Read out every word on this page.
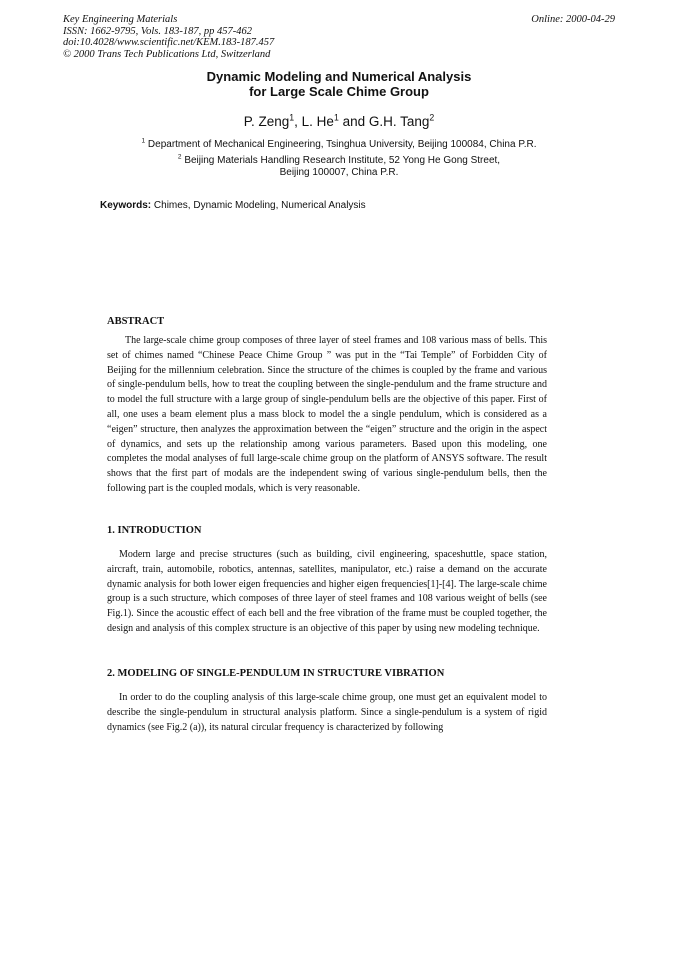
Key Engineering Materials
ISSN: 1662-9795, Vols. 183-187, pp 457-462
doi:10.4028/www.scientific.net/KEM.183-187.457
© 2000 Trans Tech Publications Ltd, Switzerland
Online: 2000-04-29
Dynamic Modeling and Numerical Analysis
for Large Scale Chime Group
P. Zeng$^1$, L. He$^1$ and G.H. Tang$^2$
$^1$ Department of Mechanical Engineering, Tsinghua University, Beijing 100084, China P.R.
$^2$ Beijing Materials Handling Research Institute, 52 Yong He Gong Street,
Beijing 100007, China P.R.
Keywords: Chimes, Dynamic Modeling, Numerical Analysis
ABSTRACT
The large-scale chime group composes of three layer of steel frames and 108 various mass of bells. This set of chimes named “Chinese Peace Chime Group ” was put in the “Tai Temple” of Forbidden City of Beijing for the millennium celebration. Since the structure of the chimes is coupled by the frame and various of single-pendulum bells, how to treat the coupling between the single-pendulum and the frame structure and to model the full structure with a large group of single-pendulum bells are the objective of this paper. First of all, one uses a beam element plus a mass block to model the a single pendulum, which is considered as a “eigen” structure, then analyzes the approximation between the “eigen” structure and the origin in the aspect of dynamics, and sets up the relationship among various parameters. Based upon this modeling, one completes the modal analyses of full large-scale chime group on the platform of ANSYS software. The result shows that the first part of modals are the independent swing of various single-pendulum bells, then the following part is the coupled modals, which is very reasonable.
1. INTRODUCTION
Modern large and precise structures (such as building, civil engineering, spaceshuttle, space station, aircraft, train, automobile, robotics, antennas, satellites, manipulator, etc.) raise a demand on the accurate dynamic analysis for both lower eigen frequencies and higher eigen frequencies[1]-[4]. The large-scale chime group is a such structure, which composes of three layer of steel frames and 108 various weight of bells (see Fig.1). Since the acoustic effect of each bell and the free vibration of the frame must be coupled together, the design and analysis of this complex structure is an objective of this paper by using new modeling technique.
2. MODELING OF SINGLE-PENDULUM IN STRUCTURE VIBRATION
In order to do the coupling analysis of this large-scale chime group, one must get an equivalent model to describe the single-pendulum in structural analysis platform. Since a single-pendulum is a system of rigid dynamics (see Fig.2 (a)), its natural circular frequency is characterized by following
